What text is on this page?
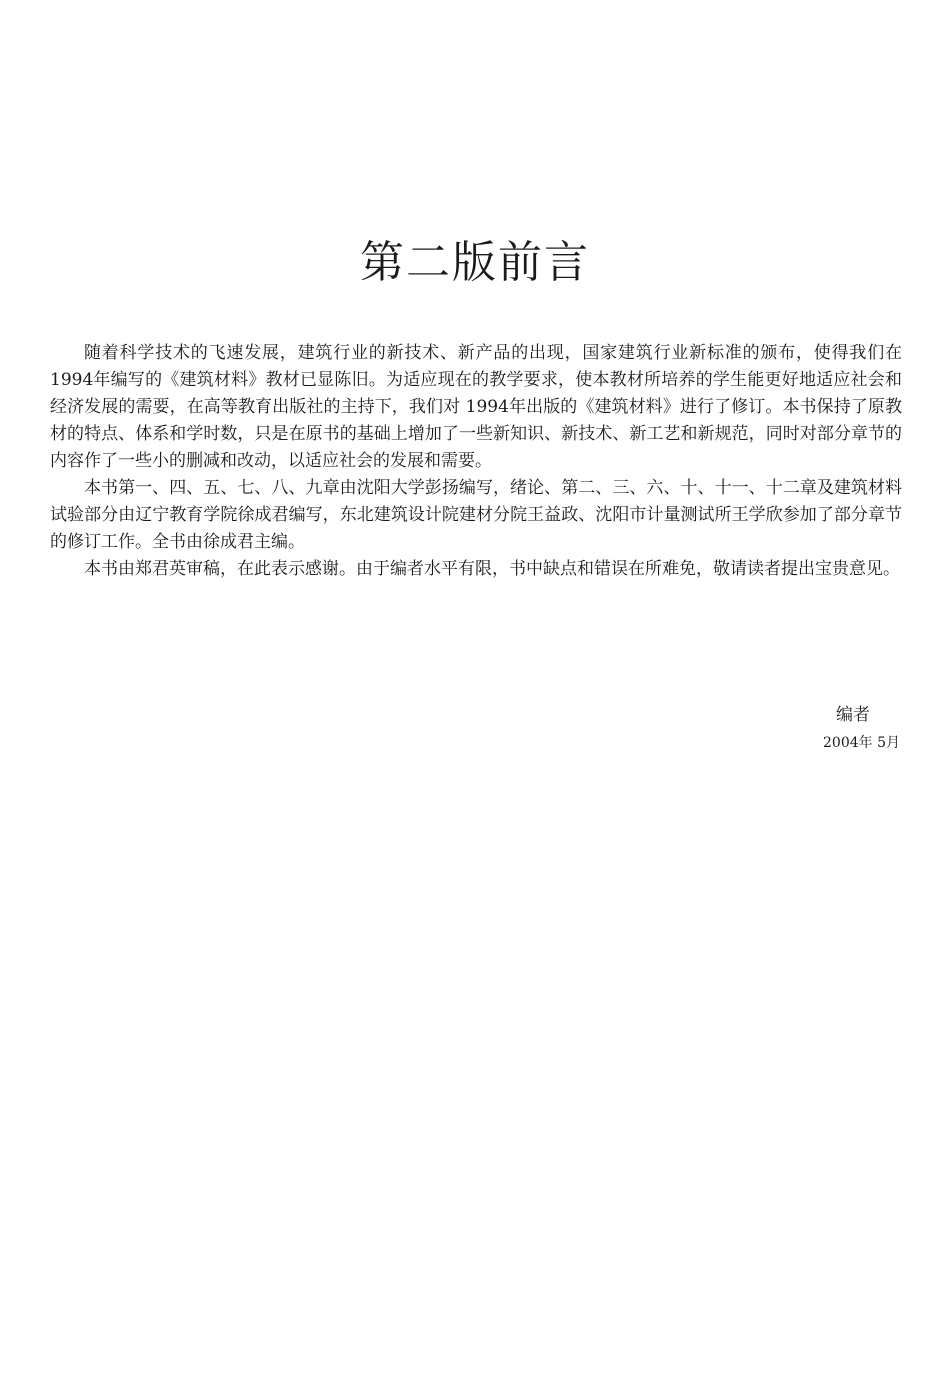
第二版前言

随着科学技术的飞速发展，建筑行业的新技术、新产品的出现，国家建筑行业新标准的颁布，使得我们在 1994年编写的《建筑材料》教材已显陈旧。为适应现在的教学要求，使本教材所培养的学生能更好地适应社会和经济发展的需要，在高等教育出版社的主持下，我们对 1994年出版的《建筑材料》进行了修订。本书保持了原教材的特点、体系和学时数，只是在原书的基础上增加了一些新知识、新技术、新工艺和新规范，同时对部分章节的内容作了一些小的删减和改动，以适应社会的发展和需要。

本书第一、四、五、七、八、九章由沈阳大学彭扬编写，绪论、第二、三、六、十、十一、十二章及建筑材料试验部分由辽宁教育学院徐成君编写，东北建筑设计院建材分院王益政、沈阳市计量测试所王学欣参加了部分章节的修订工作。全书由徐成君主编。

本书由郑君英审稿，在此表示感谢。由于编者水平有限，书中缺点和错误在所难免，敬请读者提出宝贵意见。

编者
2004年 5月
